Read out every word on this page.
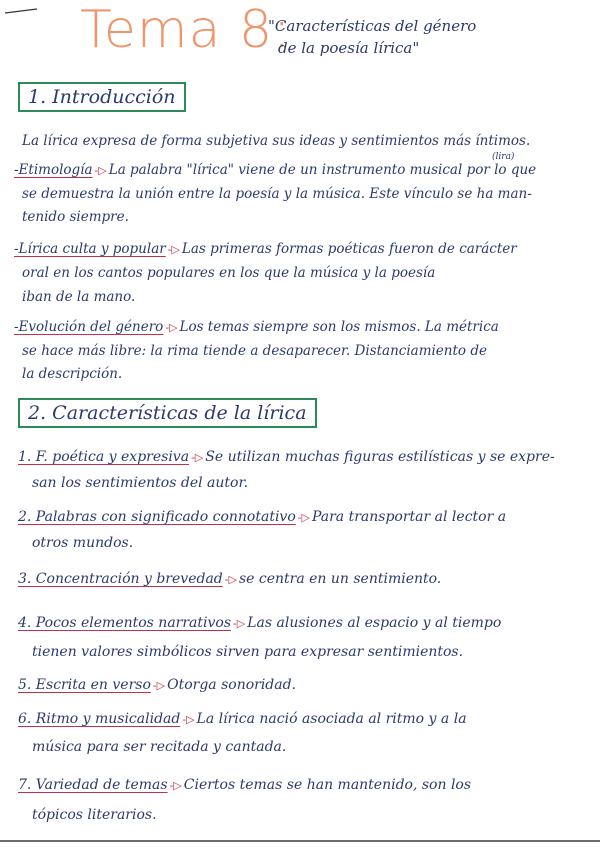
Tema 8:
"Características del género
de la poesía lírica"
1. Introducción
La lírica expresa de forma subjetiva sus ideas y sentimientos más íntimos.
(lira)
-Etimología -▷ La palabra "lírica" viene de un instrumento musical por lo que
se demuestra la unión entre la poesía y la música. Este vínculo se ha man-
tenido siempre.
-Lírica culta y popular -▷ Las primeras formas poéticas fueron de carácter
oral en los cantos populares en los que la música y la poesía
iban de la mano.
-Evolución del género -▷ Los temas siempre son los mismos. La métrica
se hace más libre: la rima tiende a desaparecer. Distanciamiento de
la descripción.
2. Características de la lírica
1. F. poética y expresiva -▷ Se utilizan muchas figuras estilísticas y se expre-
san los sentimientos del autor.
2. Palabras con significado connotativo -▷ Para transportar al lector a
otros mundos.
3. Concentración y brevedad -▷ se centra en un sentimiento.
4. Pocos elementos narrativos -▷ Las alusiones al espacio y al tiempo
tienen valores simbólicos sirven para expresar sentimientos.
5. Escrita en verso -▷ Otorga sonoridad.
6. Ritmo y musicalidad -▷ La lírica nació asociada al ritmo y a la
música para ser recitada y cantada.
7. Variedad de temas -▷ Ciertos temas se han mantenido, son los
tópicos literarios.
